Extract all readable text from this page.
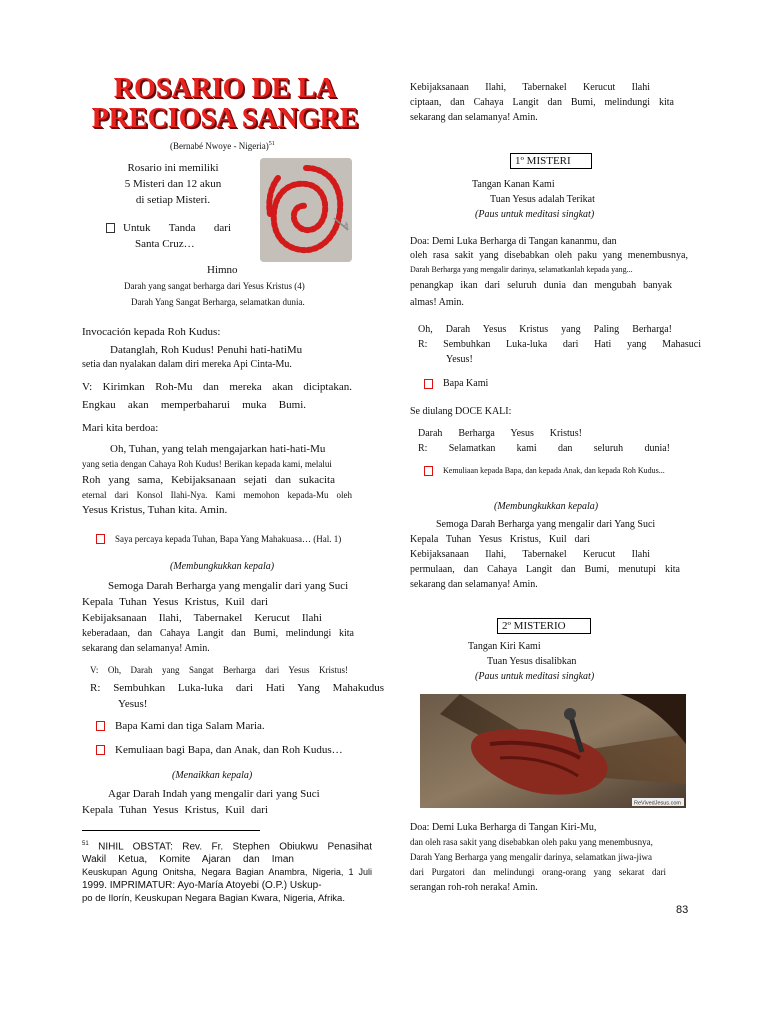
ROSARIO DE LA
PRECIOSA SANGRE
(Bernabé Nwoye - Nigeria)$^{51}$
Rosario ini memiliki
5 Misteri dan 12 akun
di setiap Misteri.
Untuk Tanda dari
Santa Cruz…
Himno
Darah yang sangat berharga dari Yesus Kristus (4)
Darah Yang Sangat Berharga, selamatkan dunia.
Invocación kepada Roh Kudus:
Datanglah, Roh Kudus! Penuhi hati-hatiMu
setia dan nyalakan dalam diri mereka Api Cinta-Mu.
V: Kirimkan Roh-Mu dan mereka akan diciptakan.
Engkau akan memperbaharui muka Bumi.
Mari kita berdoa:
Oh, Tuhan, yang telah mengajarkan hati-hati-Mu
yang setia dengan Cahaya Roh Kudus! Berikan kepada kami, melalui
Roh yang sama, Kebijaksanaan sejati dan sukacita
eternal dari Konsol Ilahi-Nya. Kami memohon kepada-Mu oleh
Yesus Kristus, Tuhan kita. Amin.
Saya percaya kepada Tuhan, Bapa Yang Mahakuasa… (Hal. 1)
(Membungkukkan kepala)
Semoga Darah Berharga yang mengalir dari yang Suci
Kepala Tuhan Yesus Kristus, Kuil dari
Kebijaksanaan Ilahi, Tabernakel Kerucut Ilahi
keberadaan, dan Cahaya Langit dan Bumi, melindungi kita
sekarang dan selamanya! Amin.
V: Oh, Darah yang Sangat Berharga dari Yesus Kristus!
R: Sembuhkan Luka-luka dari Hati Yang Mahakudus
Yesus!
Bapa Kami dan tiga Salam Maria.
Kemuliaan bagi Bapa, dan Anak, dan Roh Kudus…
(Menaikkan kepala)
Agar Darah Indah yang mengalir dari yang Suci
Kepala Tuhan Yesus Kristus, Kuil dari
$^{51}$ NIHIL OBSTAT: Rev. Fr. Stephen Obiukwu Penasihat
Wakil Ketua, Komite Ajaran dan Iman
Keuskupan Agung Onitsha, Negara Bagian Anambra, Nigeria, 1 Juli
1999. IMPRIMATUR: Ayo-María Atoyebi (O.P.) Uskup-
po de Ilorín, Keuskupan Negara Bagian Kwara, Nigeria, Afrika.
Kebijaksanaan Ilahi, Tabernakel Kerucut Ilahi
ciptaan, dan Cahaya Langit dan Bumi, melindungi kita
sekarang dan selamanya! Amin.
1º MISTERI
Tangan Kanan Kami
Tuan Yesus adalah Terikat
(Paus untuk meditasi singkat)
Doa: Demi Luka Berharga di Tangan kananmu, dan
oleh rasa sakit yang disebabkan oleh paku yang menembusnya,
Darah Berharga yang mengalir darinya, selamatkanlah kepada yang...
penangkap ikan dari seluruh dunia dan mengubah banyak
almas! Amin.
Oh, Darah Yesus Kristus yang Paling Berharga!
R: Sembuhkan Luka-luka dari Hati yang Mahasuci
Yesus!
Bapa Kami
Se diulang DOCE KALI:
Darah Berharga Yesus Kristus!
R: Selamatkan kami dan seluruh dunia!
Kemuliaan kepada Bapa, dan kepada Anak, dan kepada Roh Kudus...
(Membungkukkan kepala)
Semoga Darah Berharga yang mengalir dari Yang Suci
Kepala Tuhan Yesus Kristus, Kuil dari
Kebijaksanaan Ilahi, Tabernakel Kerucut Ilahi
permulaan, dan Cahaya Langit dan Bumi, menutupi kita
sekarang dan selamanya! Amin.
2º MISTERIO
Tangan Kiri Kami
Tuan Yesus disalibkan
(Paus untuk meditasi singkat)
ReVivedJesus.com
Doa: Demi Luka Berharga di Tangan Kiri-Mu,
dan oleh rasa sakit yang disebabkan oleh paku yang menembusnya,
Darah Yang Berharga yang mengalir darinya, selamatkan jiwa-jiwa
dari Purgatori dan melindungi orang-orang yang sekarat dari
serangan roh-roh neraka! Amin.
83
